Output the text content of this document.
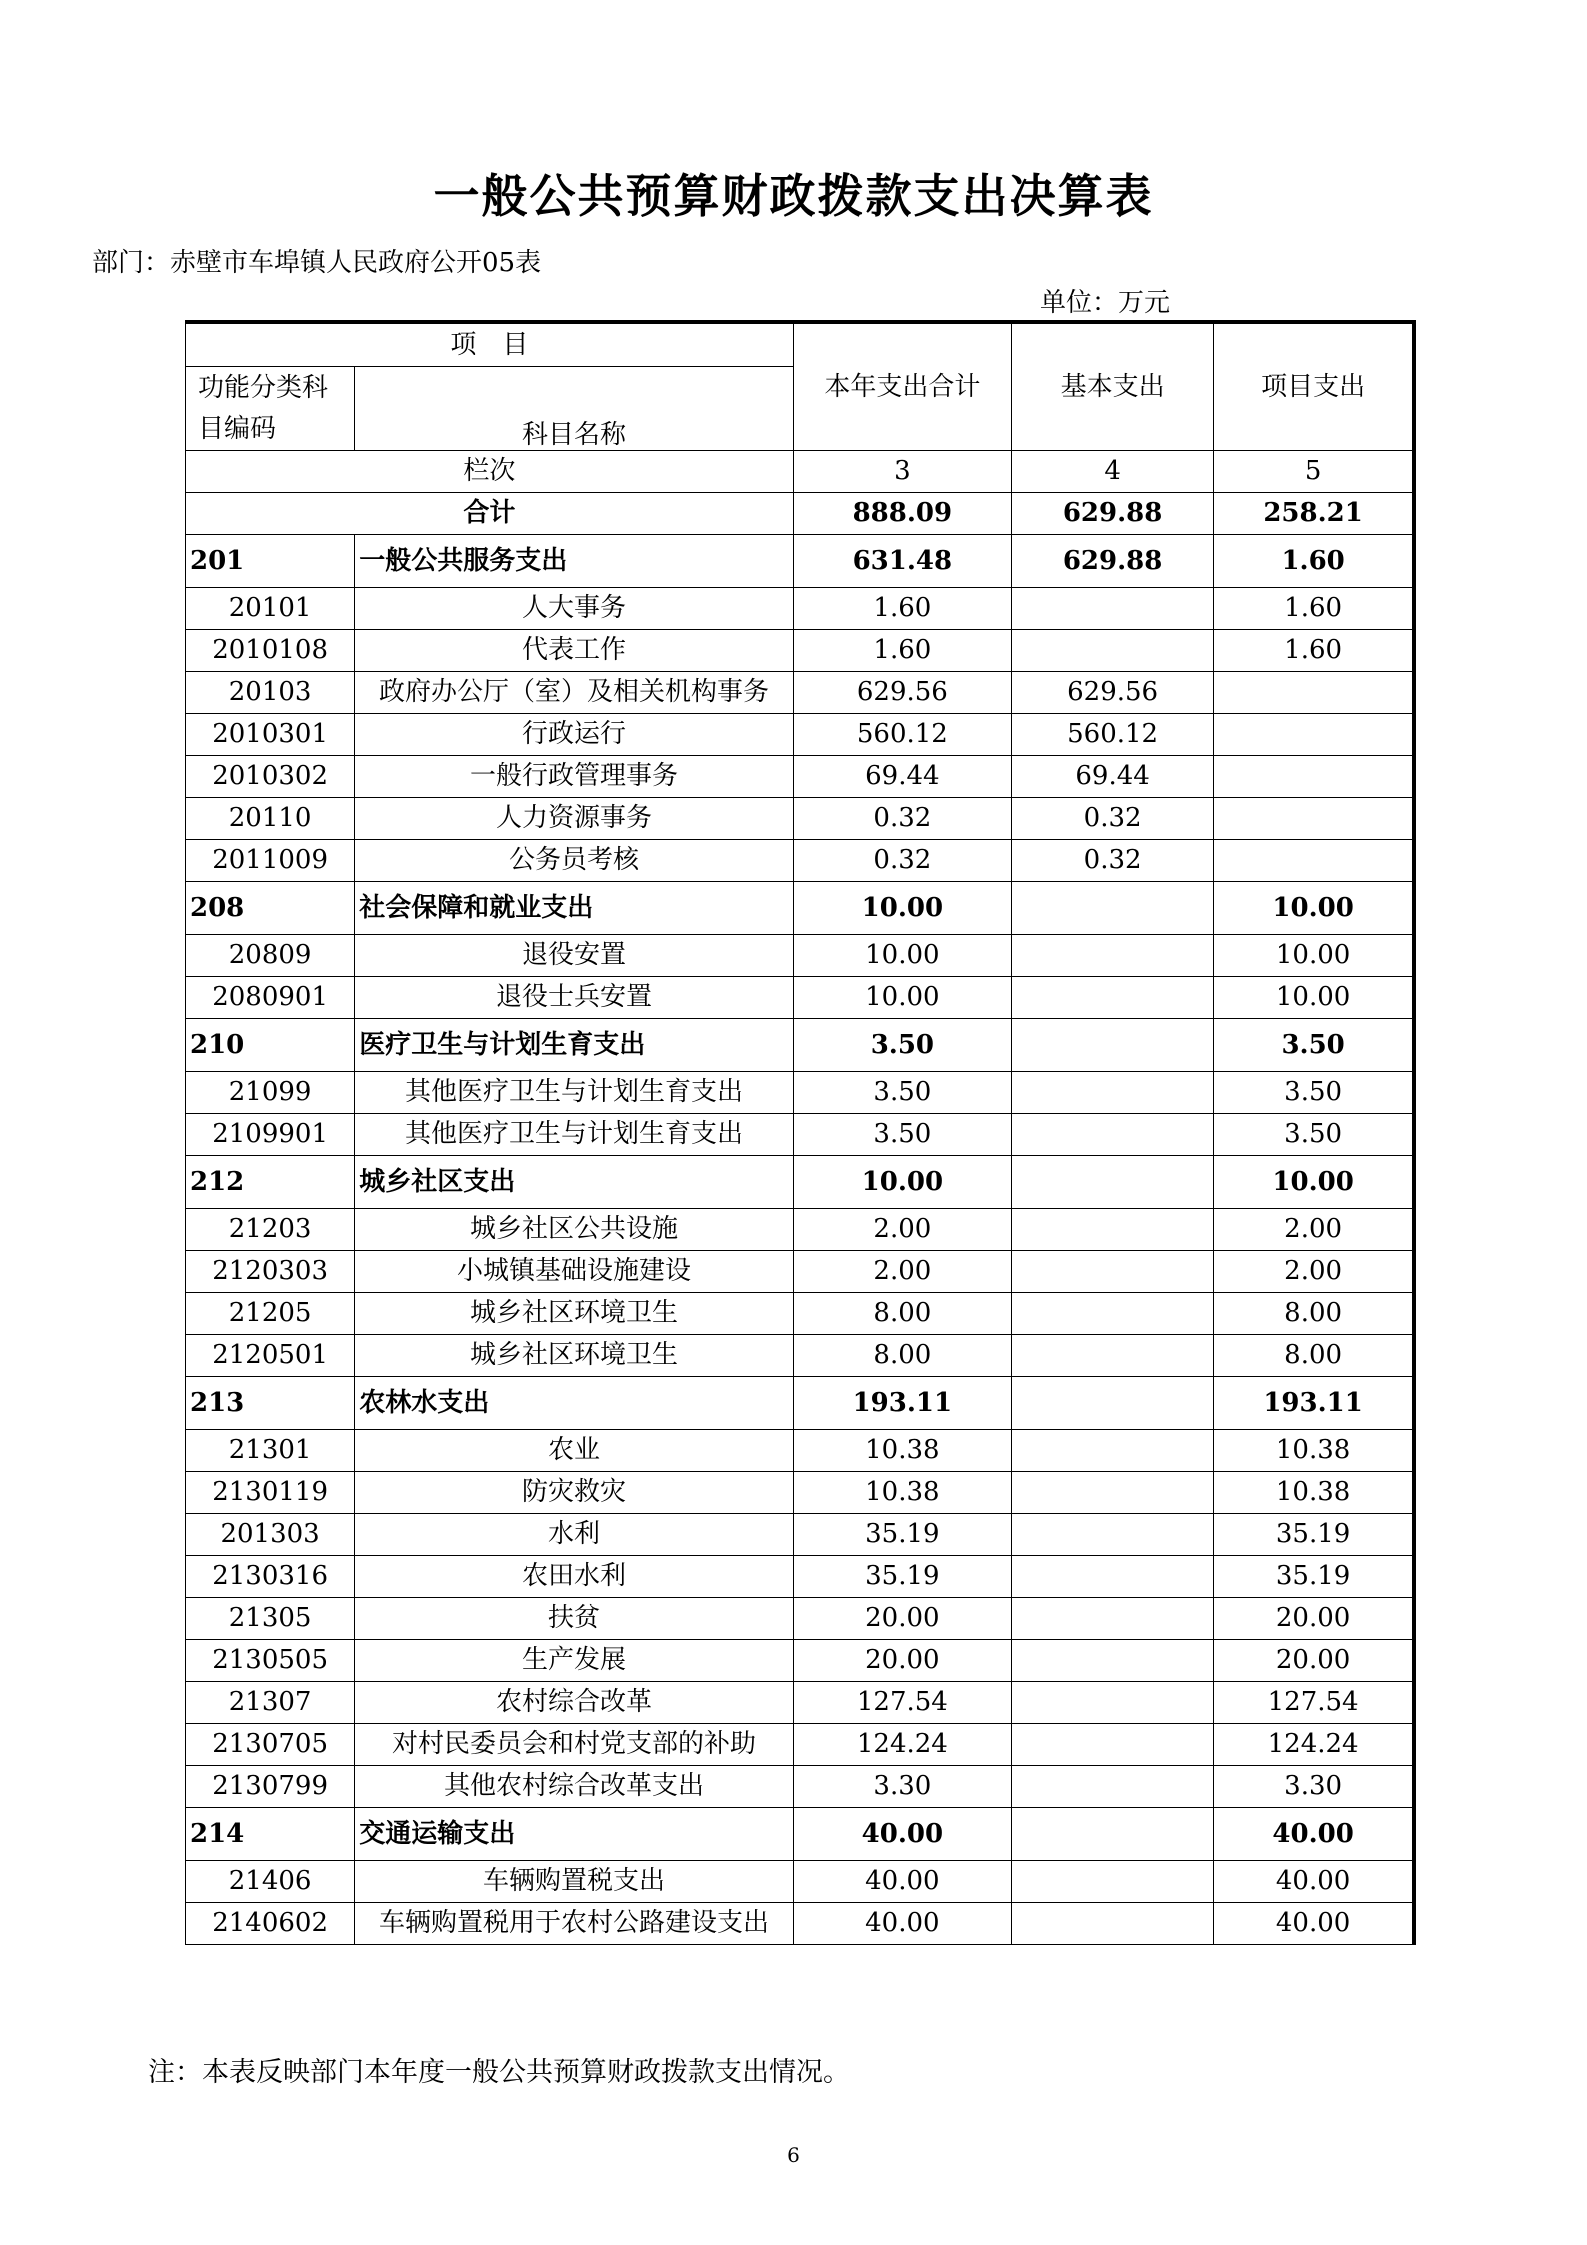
一般公共预算财政拨款支出决算表
部门：赤壁市车埠镇人民政府公开05表
单位：万元
项　目		本年支出合计	基本支出	项目支出
功能分类科目编码	科目名称			
栏次		3	4	5
合计		888.09	629.88	258.21
201	一般公共服务支出	631.48	629.88	1.60
20101	人大事务	1.60		1.60
2010108	代表工作	1.60		1.60
20103	政府办公厅（室）及相关机构事务	629.56	629.56	
2010301	行政运行	560.12	560.12	
2010302	一般行政管理事务	69.44	69.44	
20110	人力资源事务	0.32	0.32	
2011009	公务员考核	0.32	0.32	
208	社会保障和就业支出	10.00		10.00
20809	退役安置	10.00		10.00
2080901	退役士兵安置	10.00		10.00
210	医疗卫生与计划生育支出	3.50		3.50
21099	其他医疗卫生与计划生育支出	3.50		3.50
2109901	其他医疗卫生与计划生育支出	3.50		3.50
212	城乡社区支出	10.00		10.00
21203	城乡社区公共设施	2.00		2.00
2120303	小城镇基础设施建设	2.00		2.00
21205	城乡社区环境卫生	8.00		8.00
2120501	城乡社区环境卫生	8.00		8.00
213	农林水支出	193.11		193.11
21301	农业	10.38		10.38
2130119	防灾救灾	10.38		10.38
201303	水利	35.19		35.19
2130316	农田水利	35.19		35.19
21305	扶贫	20.00		20.00
2130505	生产发展	20.00		20.00
21307	农村综合改革	127.54		127.54
2130705	对村民委员会和村党支部的补助	124.24		124.24
2130799	其他农村综合改革支出	3.30		3.30
214	交通运输支出	40.00		40.00
21406	车辆购置税支出	40.00		40.00
2140602	车辆购置税用于农村公路建设支出	40.00		40.00
注：本表反映部门本年度一般公共预算财政拨款支出情况。
6
